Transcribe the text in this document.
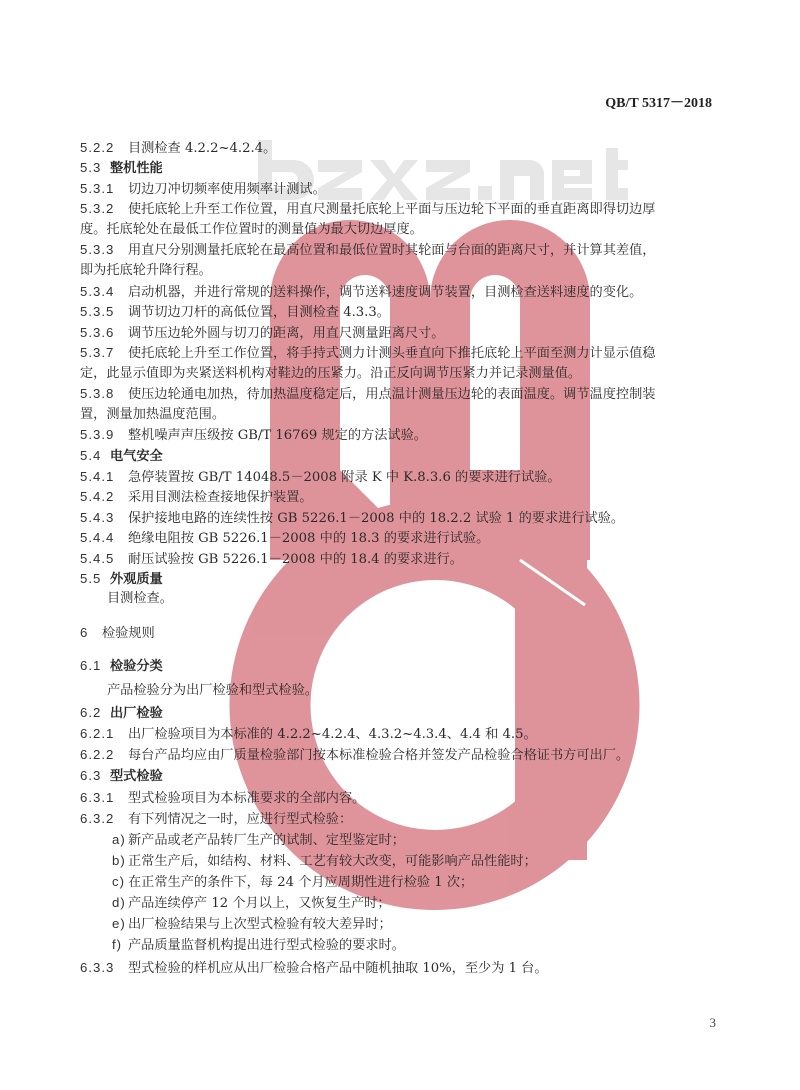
QB/T 5317－2018
5.2.2 目测检查 4.2.2~4.2.4。
5.3 整机性能
5.3.1 切边刀冲切频率使用频率计测试。
5.3.2 使托底轮上升至工作位置，用直尺测量托底轮上平面与压边轮下平面的垂直距离即得切边厚
度。托底轮处在最低工作位置时的测量值为最大切边厚度。
5.3.3 用直尺分别测量托底轮在最高位置和最低位置时其轮面与台面的距离尺寸，并计算其差值，
即为托底轮升降行程。
5.3.4 启动机器，并进行常规的送料操作，调节送料速度调节装置，目测检查送料速度的变化。
5.3.5 调节切边刀杆的高低位置，目测检查 4.3.3。
5.3.6 调节压边轮外圆与切刀的距离，用直尺测量距离尺寸。
5.3.7 使托底轮上升至工作位置，将手持式测力计测头垂直向下推托底轮上平面至测力计显示值稳
定，此显示值即为夹紧送料机构对鞋边的压紧力。沿正反向调节压紧力并记录测量值。
5.3.8 使压边轮通电加热，待加热温度稳定后，用点温计测量压边轮的表面温度。调节温度控制装
置，测量加热温度范围。
5.3.9 整机噪声声压级按 GB/T 16769 规定的方法试验。
5.4 电气安全
5.4.1 急停装置按 GB/T 14048.5－2008 附录 K 中 K.8.3.6 的要求进行试验。
5.4.2 采用目测法检查接地保护装置。
5.4.3 保护接地电路的连续性按 GB 5226.1－2008 中的 18.2.2 试验 1 的要求进行试验。
5.4.4 绝缘电阻按 GB 5226.1－2008 中的 18.3 的要求进行试验。
5.4.5 耐压试验按 GB 5226.1－2008 中的 18.4 的要求进行。
5.5 外观质量
目测检查。
6 检验规则
6.1 检验分类
产品检验分为出厂检验和型式检验。
6.2 出厂检验
6.2.1 出厂检验项目为本标准的 4.2.2~4.2.4、4.3.2~4.3.4、4.4 和 4.5。
6.2.2 每台产品均应由厂质量检验部门按本标准检验合格并签发产品检验合格证书方可出厂。
6.3 型式检验
6.3.1 型式检验项目为本标准要求的全部内容。
6.3.2 有下列情况之一时，应进行型式检验：
a) 新产品或老产品转厂生产的试制、定型鉴定时；
b) 正常生产后，如结构、材料、工艺有较大改变，可能影响产品性能时；
c) 在正常生产的条件下，每 24 个月应周期性进行检验 1 次；
d) 产品连续停产 12 个月以上，又恢复生产时；
e) 出厂检验结果与上次型式检验有较大差异时；
f) 产品质量监督机构提出进行型式检验的要求时。
6.3.3 型式检验的样机应从出厂检验合格产品中随机抽取 10%，至少为 1 台。
3
